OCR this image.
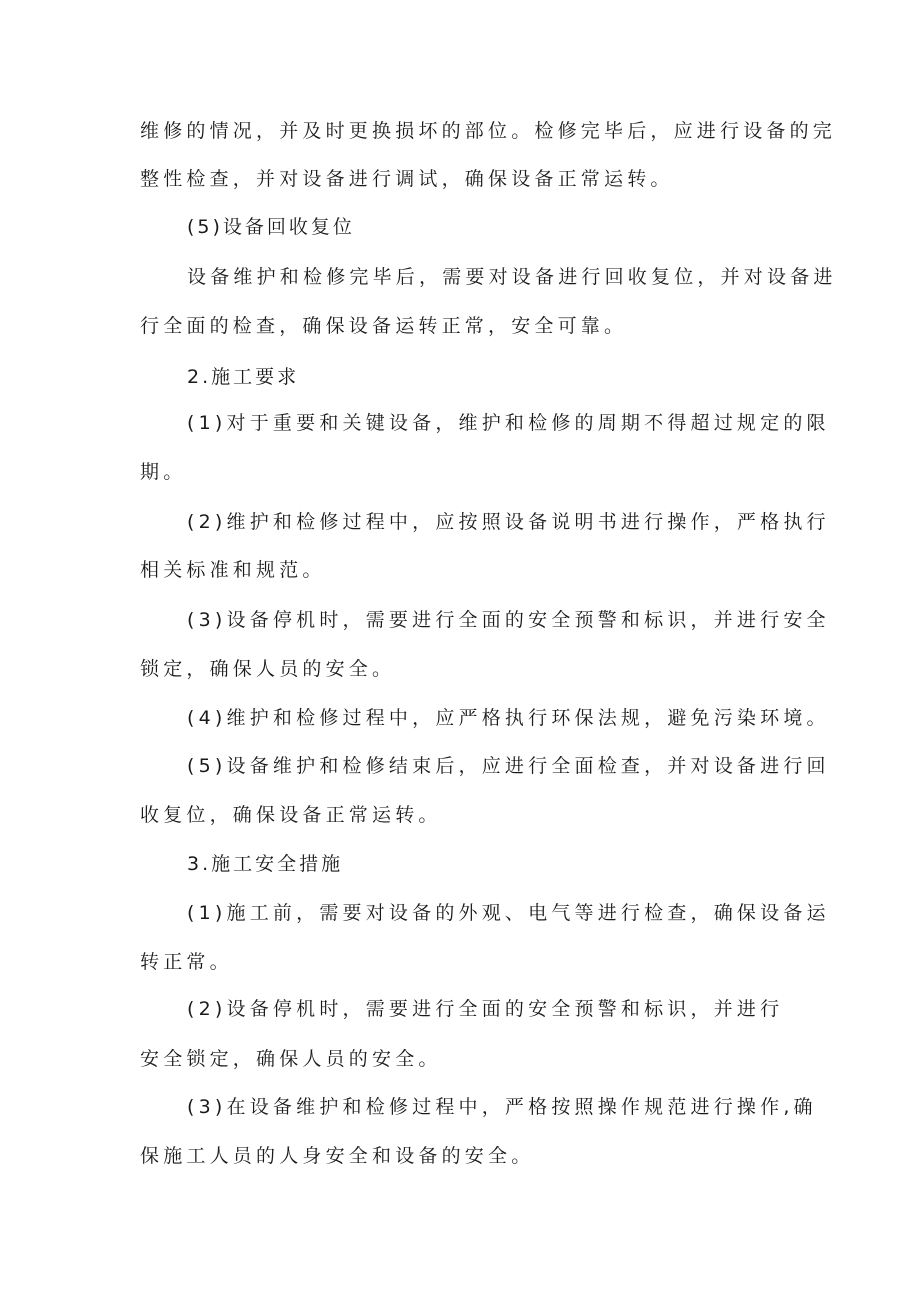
维修的情况，并及时更换损坏的部位。检修完毕后，应进行设备的完
整性检查，并对设备进行调试，确保设备正常运转。
(5)设备回收复位
设备维护和检修完毕后，需要对设备进行回收复位，并对设备进
行全面的检查，确保设备运转正常，安全可靠。
2.施工要求
(1)对于重要和关键设备，维护和检修的周期不得超过规定的限
期。
(2)维护和检修过程中，应按照设备说明书进行操作，严格执行
相关标准和规范。
(3)设备停机时，需要进行全面的安全预警和标识，并进行安全
锁定，确保人员的安全。
(4)维护和检修过程中，应严格执行环保法规，避免污染环境。
(5)设备维护和检修结束后，应进行全面检查，并对设备进行回
收复位，确保设备正常运转。
3.施工安全措施
(1)施工前，需要对设备的外观、电气等进行检查，确保设备运
转正常。
(2)设备停机时，需要进行全面的安全预警和标识，并进行
安全锁定，确保人员的安全。
(3)在设备维护和检修过程中，严格按照操作规范进行操作,确
保施工人员的人身安全和设备的安全。
